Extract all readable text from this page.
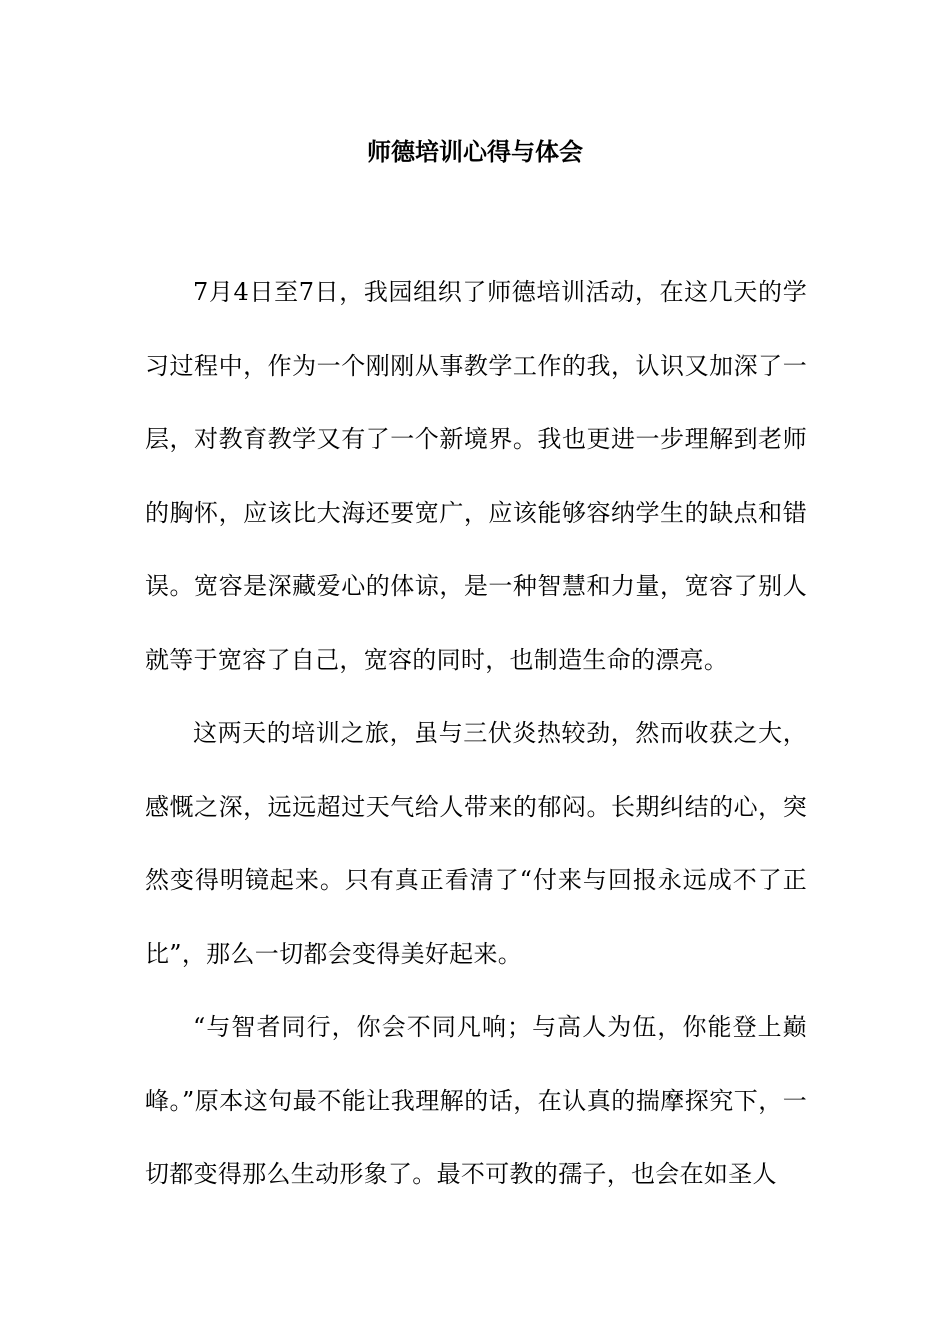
师德培训心得与体会

7月4日至7日，我园组织了师德培训活动，在这几天的学习过程中，作为一个刚刚从事教学工作的我，认识又加深了一层，对教育教学又有了一个新境界。我也更进一步理解到老师的胸怀，应该比大海还要宽广，应该能够容纳学生的缺点和错误。宽容是深藏爱心的体谅，是一种智慧和力量，宽容了别人就等于宽容了自己，宽容的同时，也制造生命的漂亮。

这两天的培训之旅，虽与三伏炎热较劲，然而收获之大，感慨之深，远远超过天气给人带来的郁闷。长期纠结的心，突然变得明镜起来。只有真正看清了“付来与回报永远成不了正比”，那么一切都会变得美好起来。

“与智者同行，你会不同凡响；与高人为伍，你能登上巅峰。”原本这句最不能让我理解的话，在认真的揣摩探究下，一切都变得那么生动形象了。最不可教的孺子，也会在如圣人
